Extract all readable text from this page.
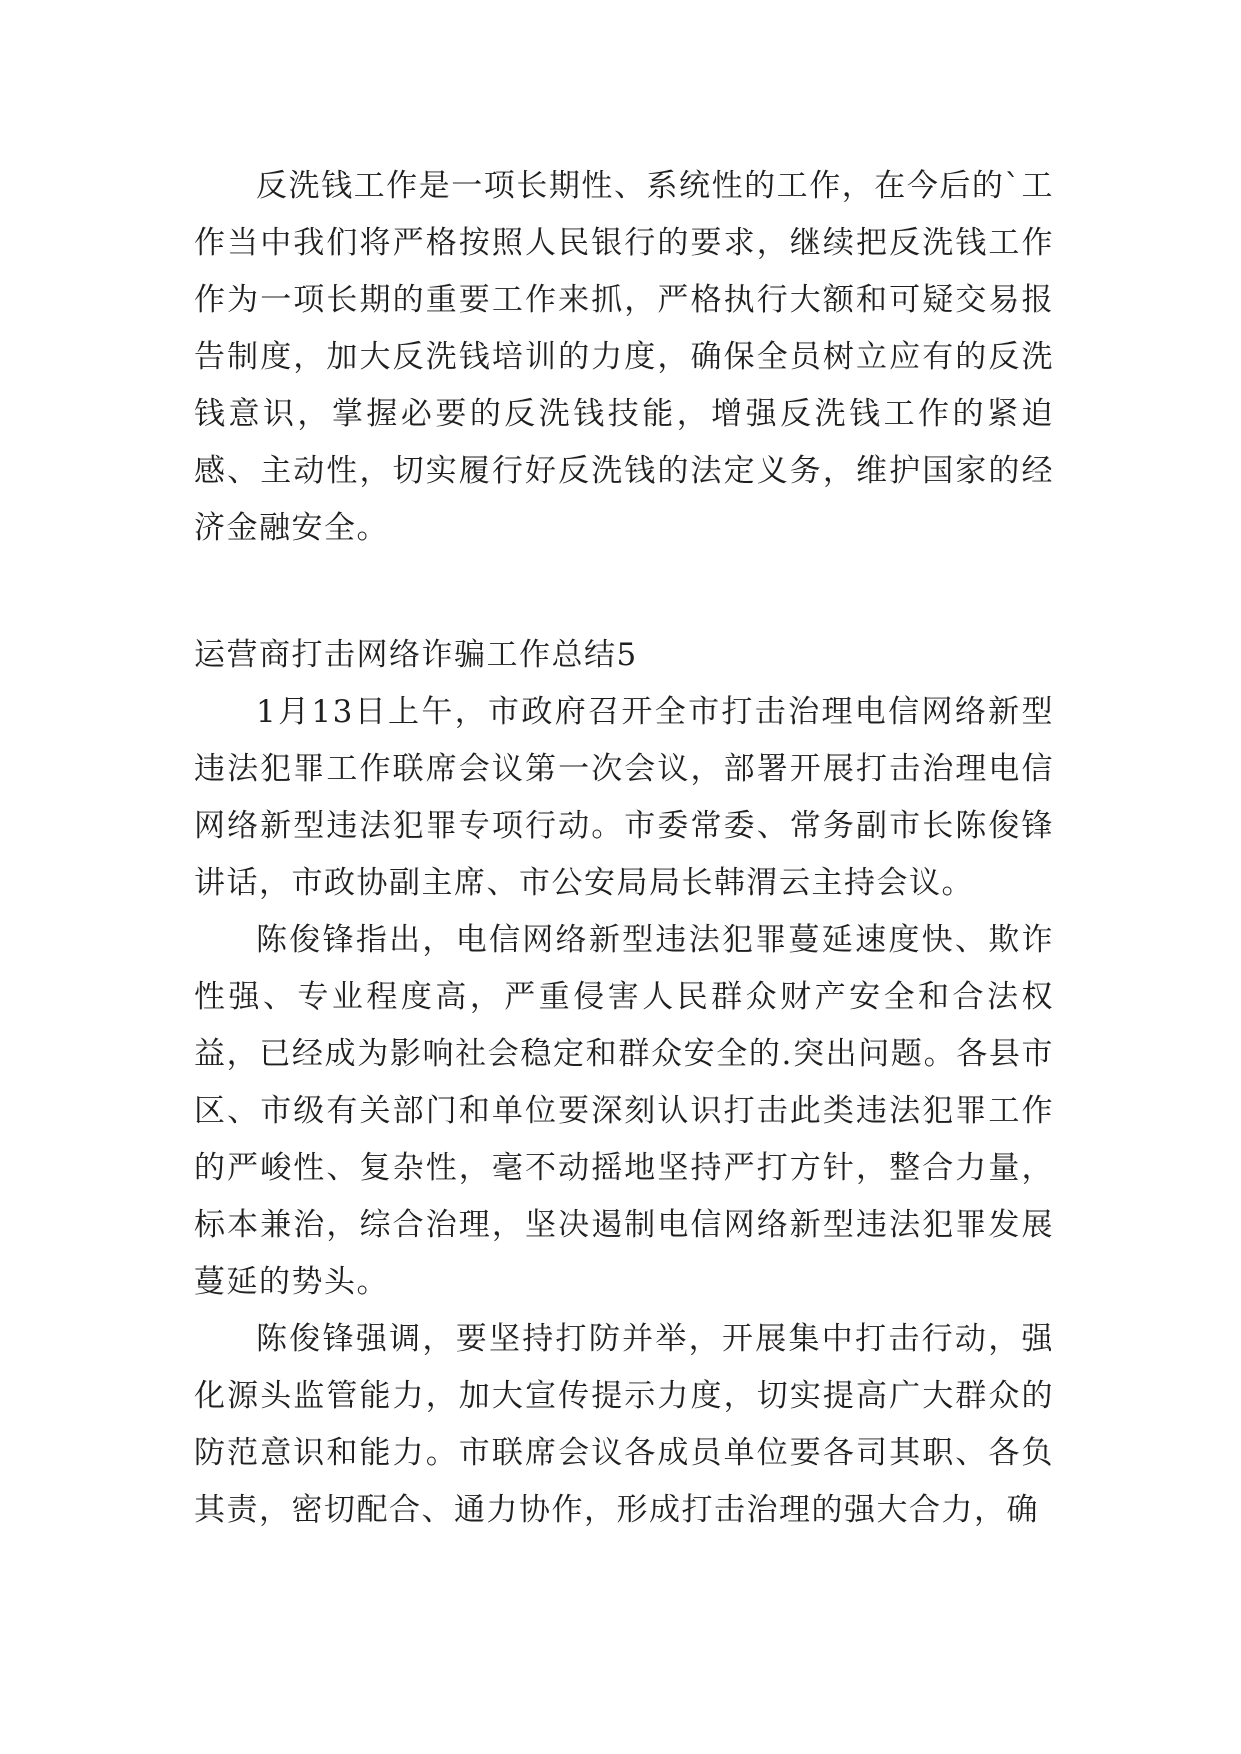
反洗钱工作是一项长期性、系统性的工作，在今后的`工作当中我们将严格按照人民银行的要求，继续把反洗钱工作作为一项长期的重要工作来抓，严格执行大额和可疑交易报告制度，加大反洗钱培训的力度，确保全员树立应有的反洗钱意识，掌握必要的反洗钱技能，增强反洗钱工作的紧迫感、主动性，切实履行好反洗钱的法定义务，维护国家的经济金融安全。

运营商打击网络诈骗工作总结5

1月13日上午，市政府召开全市打击治理电信网络新型违法犯罪工作联席会议第一次会议，部署开展打击治理电信网络新型违法犯罪专项行动。市委常委、常务副市长陈俊锋讲话，市政协副主席、市公安局局长韩渭云主持会议。

陈俊锋指出，电信网络新型违法犯罪蔓延速度快、欺诈性强、专业程度高，严重侵害人民群众财产安全和合法权益，已经成为影响社会稳定和群众安全的.突出问题。各县市区、市级有关部门和单位要深刻认识打击此类违法犯罪工作的严峻性、复杂性，毫不动摇地坚持严打方针，整合力量，标本兼治，综合治理，坚决遏制电信网络新型违法犯罪发展蔓延的势头。

陈俊锋强调，要坚持打防并举，开展集中打击行动，强化源头监管能力，加大宣传提示力度，切实提高广大群众的防范意识和能力。市联席会议各成员单位要各司其职、各负其责，密切配合、通力协作，形成打击治理的强大合力，确
